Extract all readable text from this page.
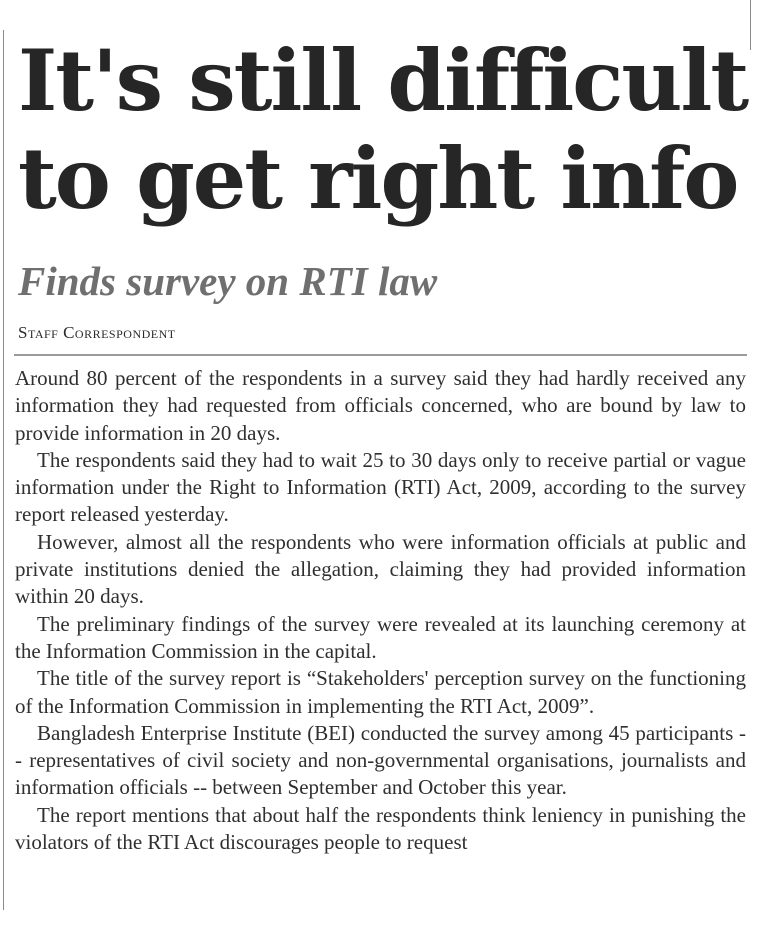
It's still difficult to get right info
Finds survey on RTI law
Staff Correspondent

Around 80 percent of the respondents in a survey said they had hardly received any information they had requested from officials concerned, who are bound by law to provide information in 20 days.

The respondents said they had to wait 25 to 30 days only to receive partial or vague information under the Right to Information (RTI) Act, 2009, according to the survey report released yesterday.

However, almost all the respondents who were information officials at public and private institutions denied the allegation, claiming they had provided information within 20 days.

The preliminary findings of the survey were revealed at its launching ceremony at the Information Commission in the capital.

The title of the survey report is “Stakeholders' perception survey on the functioning of the Information Commission in implementing the RTI Act, 2009”.

Bangladesh Enterprise Institute (BEI) conducted the survey among 45 participants -- representatives of civil society and non-governmental organisations, journalists and information officials -- between September and October this year.

The report mentions that about half the respondents think leniency in punishing the violators of the RTI Act discourages people to request
